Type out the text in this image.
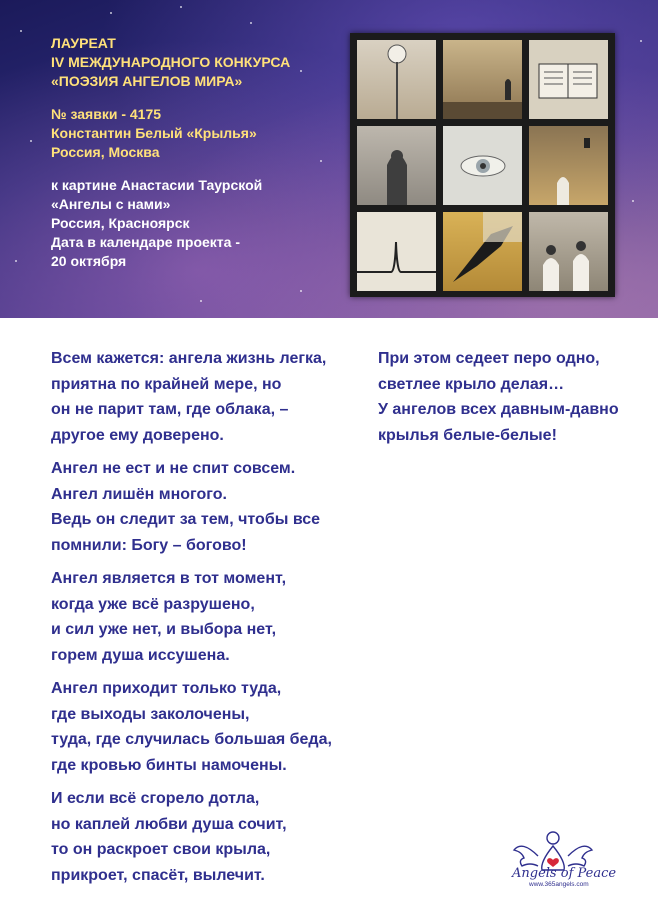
ЛАУРЕАТ
IV МЕЖДУНАРОДНОГО КОНКУРСА
«ПОЭЗИЯ АНГЕЛОВ МИРА»
№ заявки - 4175
Константин Белый «Крылья»
Россия, Москва
к картине Анастасии Таурской
«Ангелы с нами»
Россия, Красноярск
Дата в календаре проекта -
20 октября
Всем кажется: ангела жизнь легка,
приятна по крайней мере, но
он не парит там, где облака, –
другое ему доверено.
Ангел не ест и не спит совсем.
Ангел лишён многого.
Ведь он следит за тем, чтобы все
помнили: Богу – богово!
Ангел является в тот момент,
когда уже всё разрушено,
и сил уже нет, и выбора нет,
горем душа иссушена.
Ангел приходит только туда,
где выходы заколочены,
туда, где случилась большая беда,
где кровью бинты намочены.
И если всё сгорело дотла,
но каплей любви душа сочит,
то он раскроет свои крыла,
прикроет, спасёт, вылечит.
При этом седеет перо одно,
светлее крыло делая…
У ангелов всех давным-давно
крылья белые-белые!
Angels of Peace
www.365angels.com
